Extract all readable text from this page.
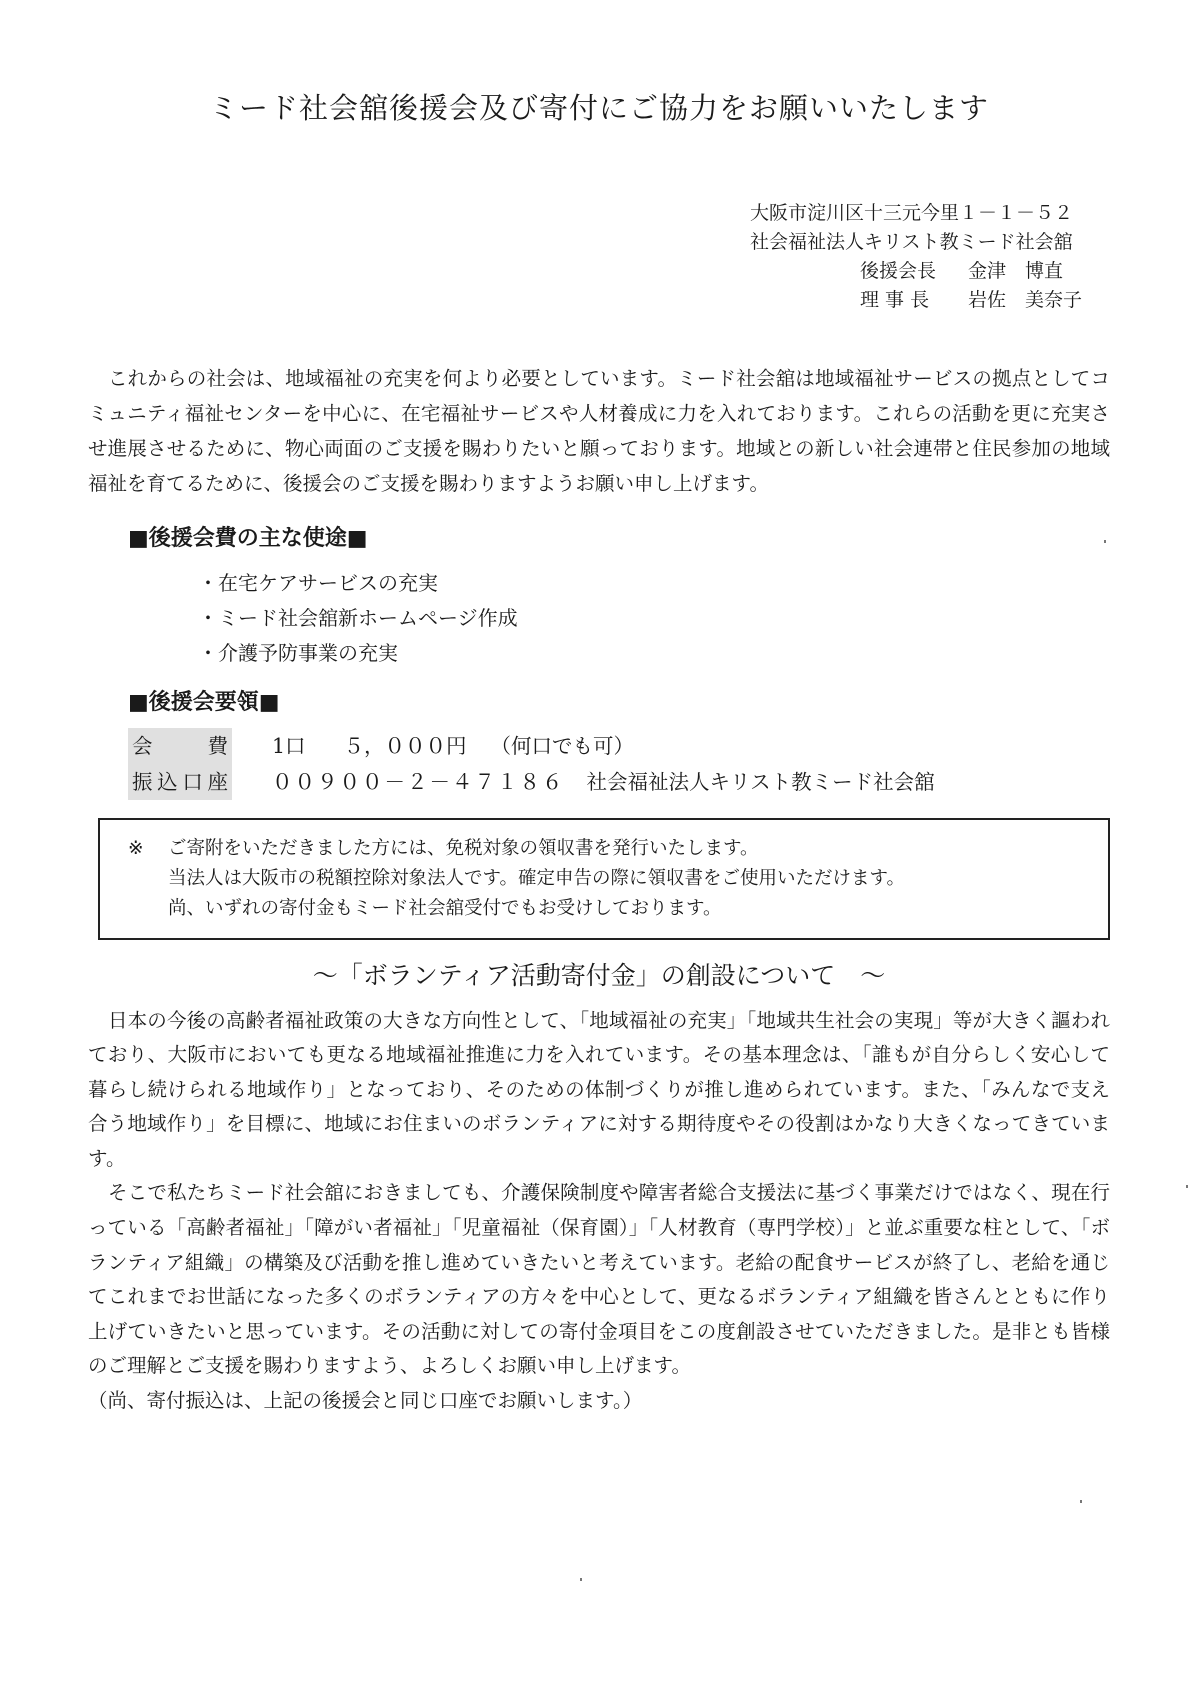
ミード社会舘後援会及び寄付にご協力をお願いいたします
大阪市淀川区十三元今里１－１－５２
社会福祉法人キリスト教ミード社会舘
後援会長 金津　博直
理 事 長 岩佐　美奈子

これからの社会は、地域福祉の充実を何より必要としています。ミード社会舘は地域福祉サービスの拠点としてコミュニティ福祉センターを中心に、在宅福祉サービスや人材養成に力を入れております。これらの活動を更に充実させ進展させるために、物心両面のご支援を賜わりたいと願っております。地域との新しい社会連帯と住民参加の地域福祉を育てるために、後援会のご支援を賜わりますようお願い申し上げます。

■後援会費の主な使途■
・在宅ケアサービスの充実
・ミード社会舘新ホームページ作成
・介護予防事業の充実
■後援会要領■
会費 1口 ５，０００円 （何口でも可）
振込口座 ００９００－２－４７１８６ 社会福祉法人キリスト教ミード社会舘
※ ご寄附をいただきました方には、免税対象の領収書を発行いたします。
当法人は大阪市の税額控除対象法人です。確定申告の際に領収書をご使用いただけます。
尚、いずれの寄付金もミード社会舘受付でもお受けしております。
～「ボランティア活動寄付金」の創設について　～

日本の今後の高齢者福祉政策の大きな方向性として、「地域福祉の充実」「地域共生社会の実現」等が大きく謳われており、大阪市においても更なる地域福祉推進に力を入れています。その基本理念は、「誰もが自分らしく安心して暮らし続けられる地域作り」となっており、そのための体制づくりが推し進められています。また、「みんなで支え合う地域作り」を目標に、地域にお住まいのボランティアに対する期待度やその役割はかなり大きくなってきています。

そこで私たちミード社会舘におきましても、介護保険制度や障害者総合支援法に基づく事業だけではなく、現在行っている「高齢者福祉」「障がい者福祉」「児童福祉（保育園）」「人材教育（専門学校）」と並ぶ重要な柱として、「ボランティア組織」の構築及び活動を推し進めていきたいと考えています。老給の配食サービスが終了し、老給を通じてこれまでお世話になった多くのボランティアの方々を中心として、更なるボランティア組織を皆さんとともに作り上げていきたいと思っています。その活動に対しての寄付金項目をこの度創設させていただきました。是非とも皆様のご理解とご支援を賜わりますよう、よろしくお願い申し上げます。

（尚、寄付振込は、上記の後援会と同じ口座でお願いします。）
